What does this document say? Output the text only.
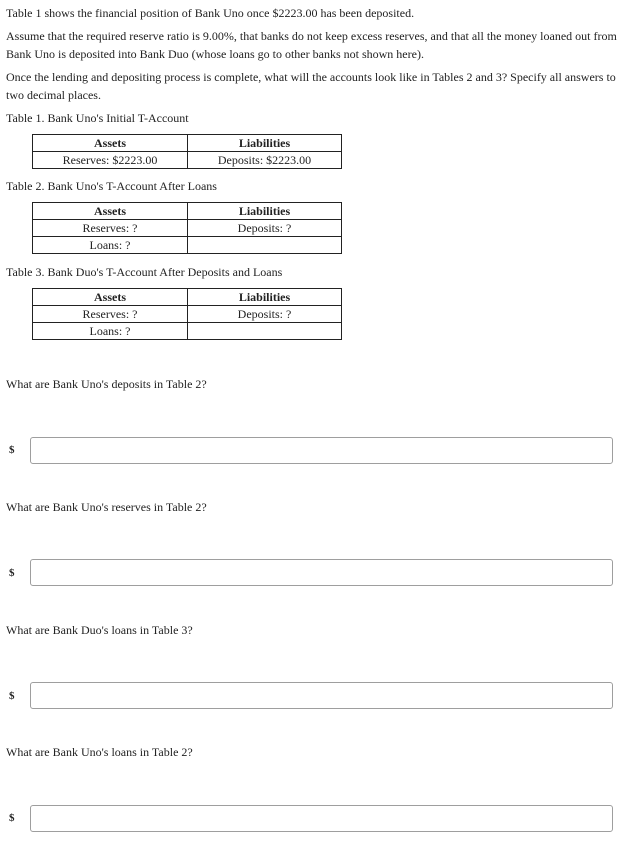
Table 1 shows the financial position of Bank Uno once $2223.00 has been deposited.

Assume that the required reserve ratio is 9.00%, that banks do not keep excess reserves, and that all the money loaned out from Bank Uno is deposited into Bank Duo (whose loans go to other banks not shown here).

Once the lending and depositing process is complete, what will the accounts look like in Tables 2 and 3? Specify all answers to two decimal places.

Table 1. Bank Uno's Initial T-Account

Assets	Liabilities
Reserves: $2223.00	Deposits: $2223.00

Table 2. Bank Uno's T-Account After Loans

Assets	Liabilities
Reserves: ?	Deposits: ?
Loans: ?	

Table 3. Bank Duo's T-Account After Deposits and Loans

Assets	Liabilities
Reserves: ?	Deposits: ?
Loans: ?	

What are Bank Uno's deposits in Table 2?

$

What are Bank Uno's reserves in Table 2?

$

What are Bank Duo's loans in Table 3?

$

What are Bank Uno's loans in Table 2?

$
